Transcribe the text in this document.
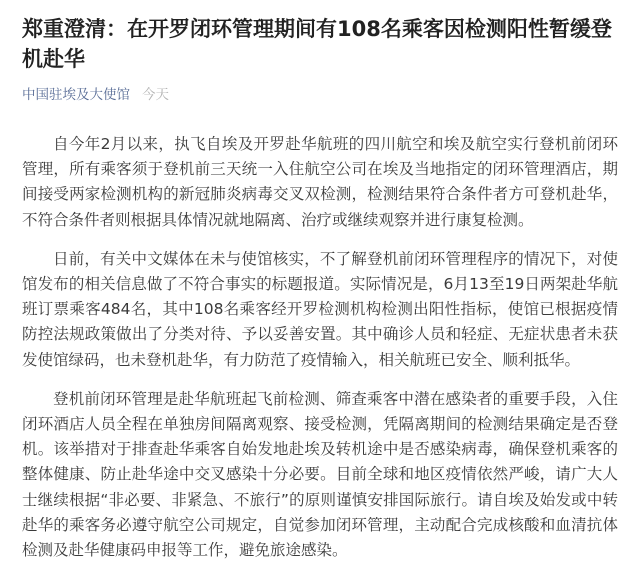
郑重澄清：在开罗闭环管理期间有108名乘客因检测阳性暂缓登机赴华
中国驻埃及大使馆 今天

自今年2月以来，执飞自埃及开罗赴华航班的四川航空和埃及航空实行登机前闭环管理，所有乘客须于登机前三天统一入住航空公司在埃及当地指定的闭环管理酒店，期间接受两家检测机构的新冠肺炎病毒交叉双检测，检测结果符合条件者方可登机赴华，不符合条件者则根据具体情况就地隔离、治疗或继续观察并进行康复检测。

日前，有关中文媒体在未与使馆核实，不了解登机前闭环管理程序的情况下，对使馆发布的相关信息做了不符合事实的标题报道。实际情况是，6月13至19日两架赴华航班订票乘客484名，其中108名乘客经开罗检测机构检测出阳性指标，使馆已根据疫情防控法规政策做出了分类对待、予以妥善安置。其中确诊人员和轻症、无症状患者未获发使馆绿码，也未登机赴华，有力防范了疫情输入，相关航班已安全、顺利抵华。

登机前闭环管理是赴华航班起飞前检测、筛查乘客中潜在感染者的重要手段，入住闭环酒店人员全程在单独房间隔离观察、接受检测，凭隔离期间的检测结果确定是否登机。该举措对于排查赴华乘客自始发地赴埃及转机途中是否感染病毒，确保登机乘客的整体健康、防止赴华途中交叉感染十分必要。目前全球和地区疫情依然严峻，请广大人士继续根据“非必要、非紧急、不旅行”的原则谨慎安排国际旅行。请自埃及始发或中转赴华的乘客务必遵守航空公司规定，自觉参加闭环管理，主动配合完成核酸和血清抗体检测及赴华健康码申报等工作，避免旅途感染。
